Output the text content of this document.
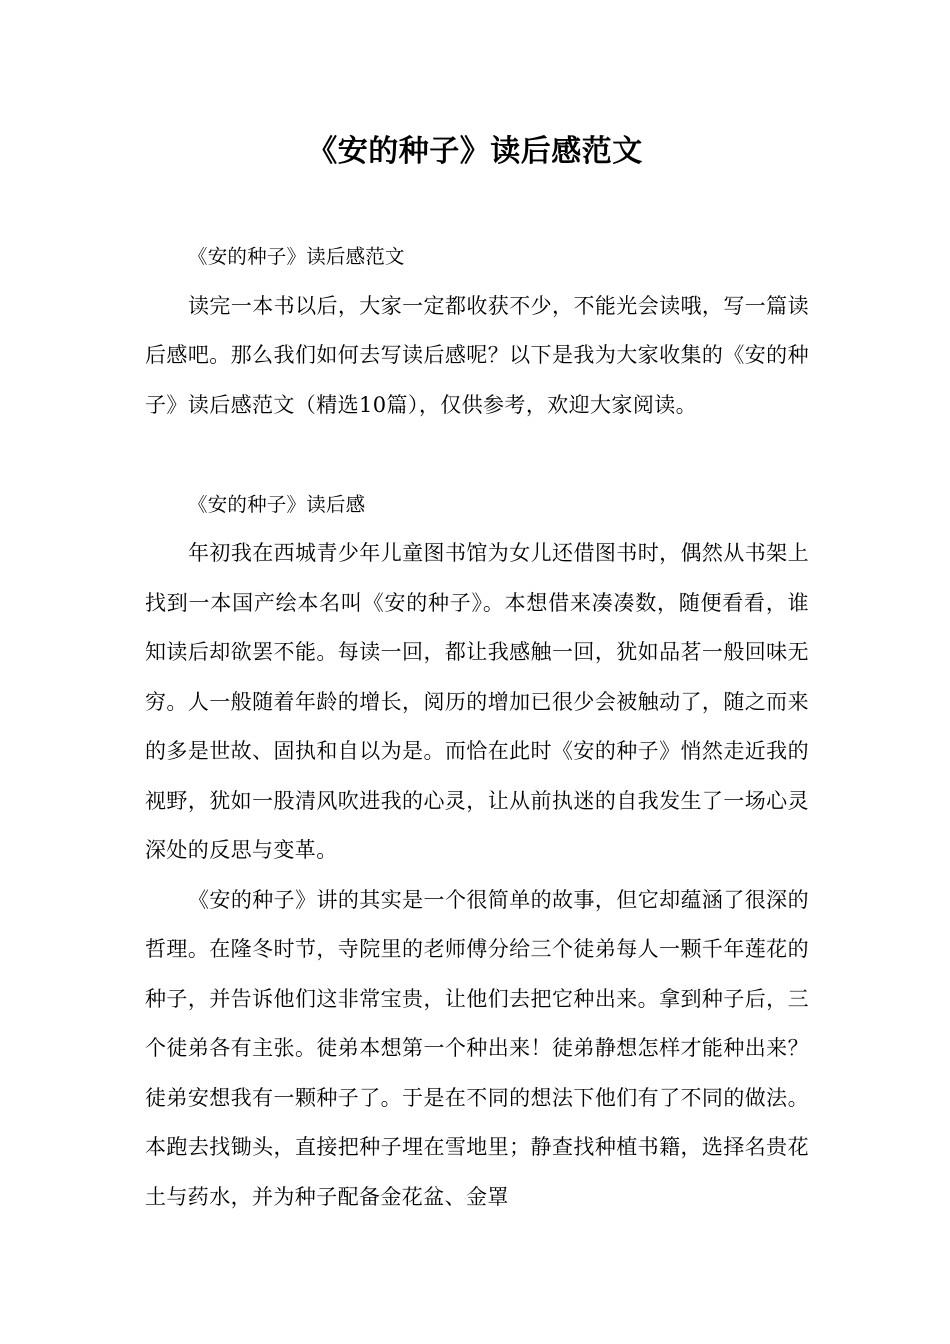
《安的种子》读后感范文

《安的种子》读后感范文

读完一本书以后，大家一定都收获不少，不能光会读哦，写一篇读后感吧。那么我们如何去写读后感呢？以下是我为大家收集的《安的种子》读后感范文（精选10篇），仅供参考，欢迎大家阅读。

《安的种子》读后感

年初我在西城青少年儿童图书馆为女儿还借图书时，偶然从书架上找到一本国产绘本名叫《安的种子》。本想借来凑凑数，随便看看，谁知读后却欲罢不能。每读一回，都让我感触一回，犹如品茗一般回味无穷。人一般随着年龄的增长，阅历的增加已很少会被触动了，随之而来的多是世故、固执和自以为是。而恰在此时《安的种子》悄然走近我的视野，犹如一股清风吹进我的心灵，让从前执迷的自我发生了一场心灵深处的反思与变革。

《安的种子》讲的其实是一个很简单的故事，但它却蕴涵了很深的哲理。在隆冬时节，寺院里的老师傅分给三个徒弟每人一颗千年莲花的种子，并告诉他们这非常宝贵，让他们去把它种出来。拿到种子后，三个徒弟各有主张。徒弟本想第一个种出来！徒弟静想怎样才能种出来？徒弟安想我有一颗种子了。于是在不同的想法下他们有了不同的做法。本跑去找锄头，直接把种子埋在雪地里；静查找种植书籍，选择名贵花土与药水，并为种子配备金花盆、金罩
